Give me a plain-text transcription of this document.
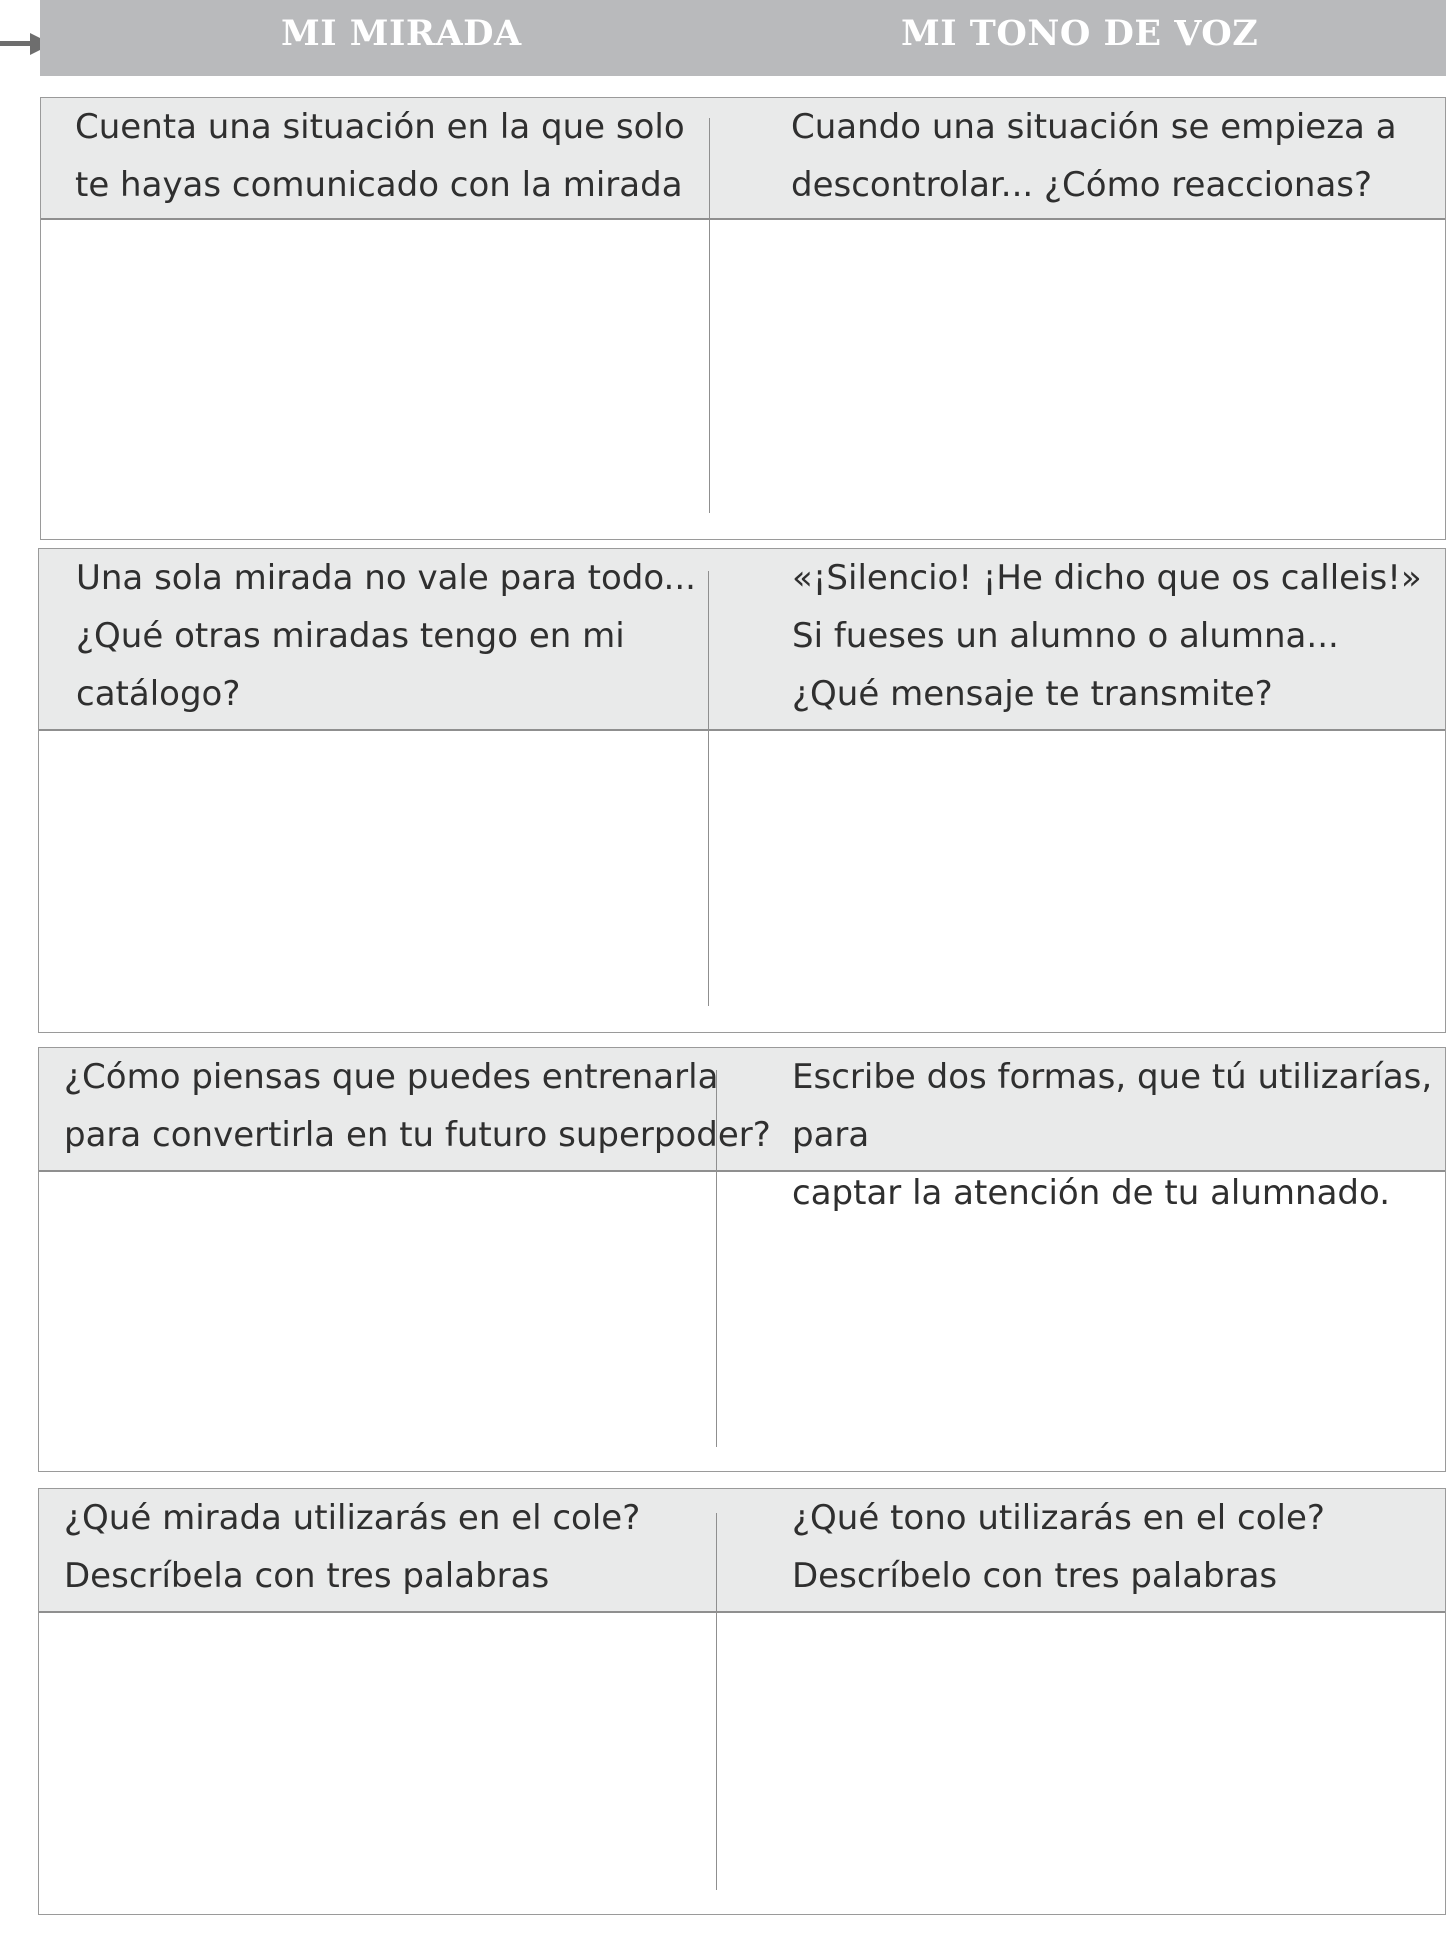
MI MIRADA	MI TONO DE VOZ
Cuenta una situación en la que solo
te hayas comunicado con la mirada
Cuando una situación se empieza a
descontrolar... ¿Cómo reaccionas?
Una sola mirada no vale para todo...
¿Qué otras miradas tengo en mi
catálogo?
«¡Silencio! ¡He dicho que os calleis!»
Si fueses un alumno o alumna...
¿Qué mensaje te transmite?
¿Cómo piensas que puedes entrenarla
para convertirla en tu futuro superpoder?
Escribe dos formas, que tú utilizarías, para
captar la atención de tu alumnado.
¿Qué mirada utilizarás en el cole?
Descríbela con tres palabras
¿Qué tono utilizarás en el cole?
Descríbelo con tres palabras
